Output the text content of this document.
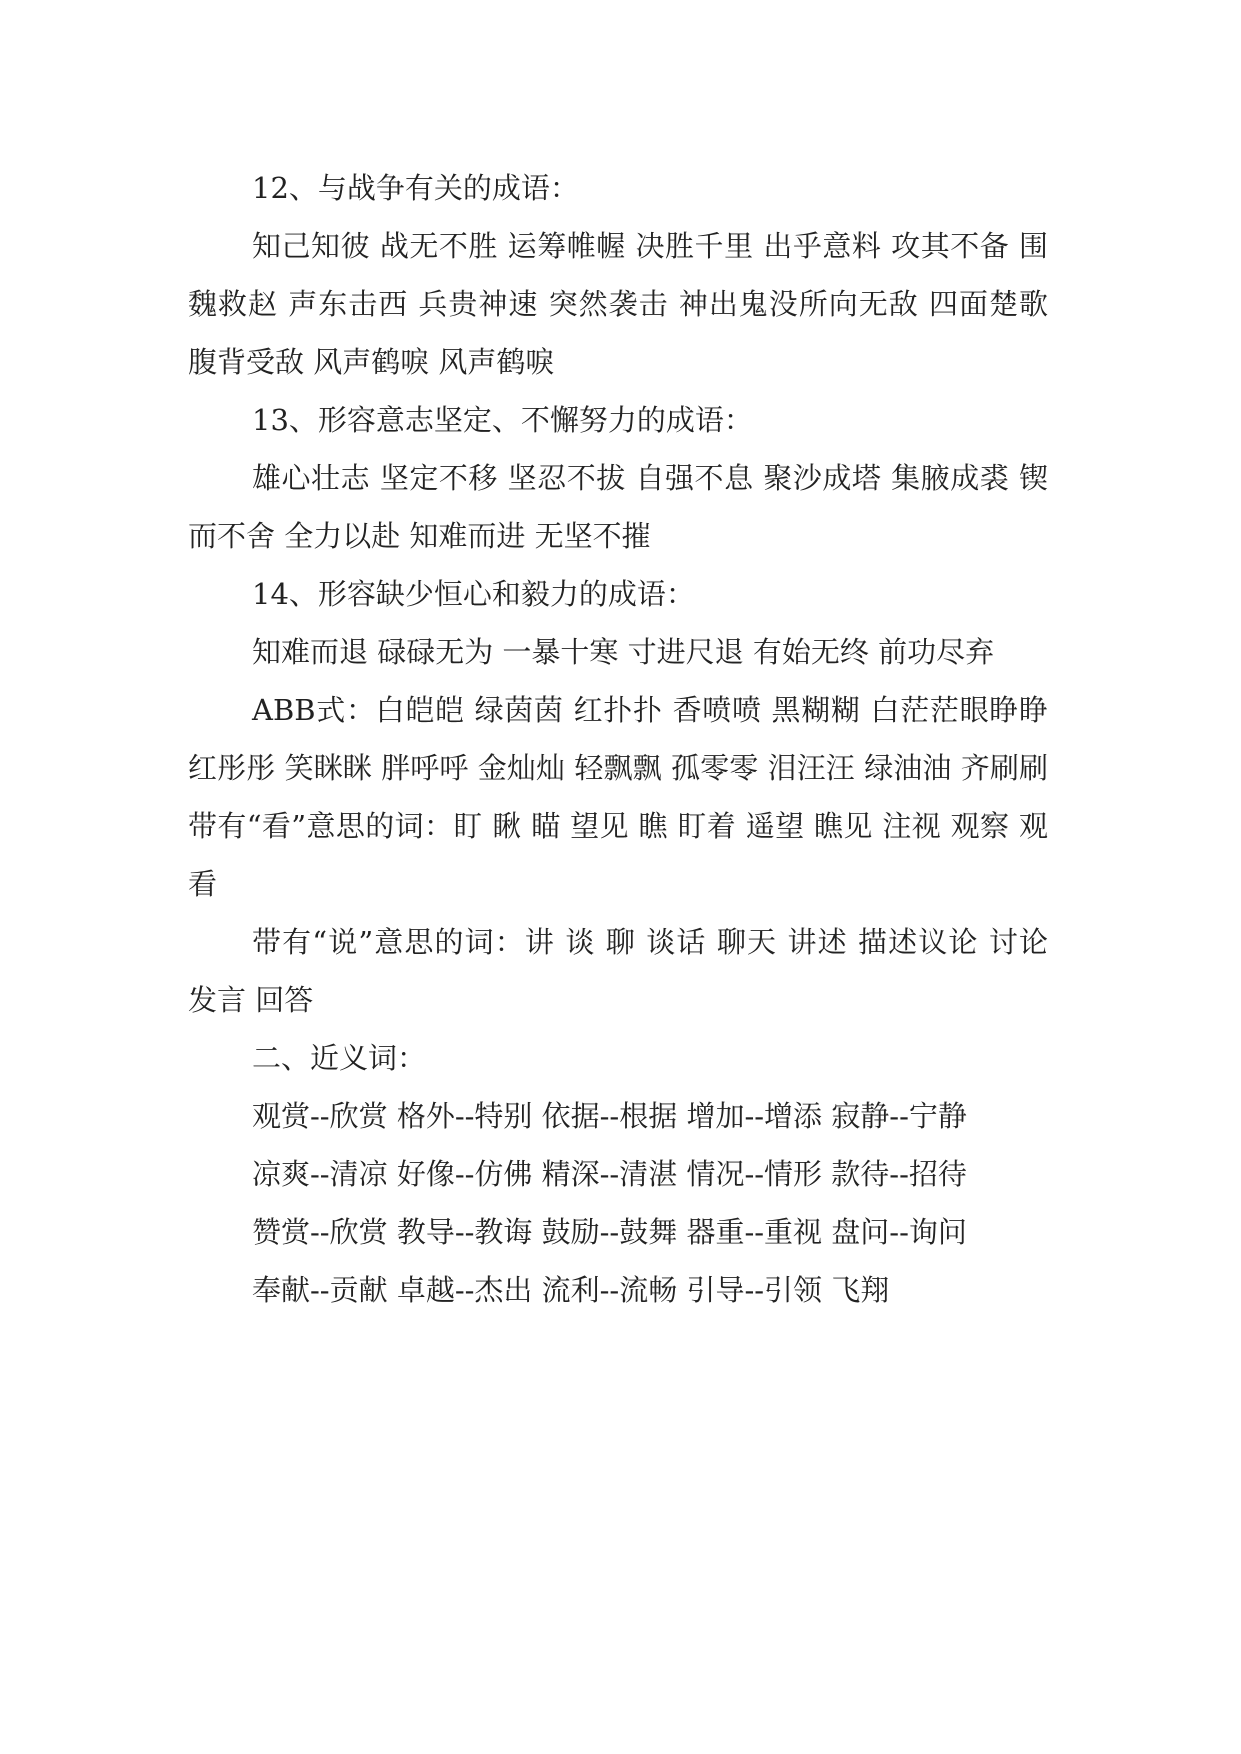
12、与战争有关的成语：

知己知彼 战无不胜 运筹帷幄 决胜千里 出乎意料 攻其不备 围魏救赵 声东击西 兵贵神速 突然袭击 神出鬼没所向无敌 四面楚歌 腹背受敌 风声鹤唳 风声鹤唳

13、形容意志坚定、不懈努力的成语：

雄心壮志 坚定不移 坚忍不拔 自强不息 聚沙成塔 集腋成裘 锲而不舍 全力以赴 知难而进 无坚不摧

14、形容缺少恒心和毅力的成语：

知难而退 碌碌无为 一暴十寒 寸进尺退 有始无终 前功尽弃

ABB式：白皑皑 绿茵茵 红扑扑 香喷喷 黑糊糊 白茫茫眼睁睁 红彤彤 笑眯眯 胖呼呼 金灿灿 轻飘飘 孤零零 泪汪汪 绿油油 齐刷刷 带有“看”意思的词：盯 瞅 瞄 望见 瞧 盯着 遥望 瞧见 注视 观察 观看

带有“说”意思的词：讲 谈 聊 谈话 聊天 讲述 描述议论 讨论 发言 回答

二、近义词：

观赏--欣赏 格外--特别 依据--根据 增加--增添 寂静--宁静

凉爽--清凉 好像--仿佛 精深--清湛 情况--情形 款待--招待

赞赏--欣赏 教导--教诲 鼓励--鼓舞 器重--重视 盘问--询问

奉献--贡献 卓越--杰出 流利--流畅 引导--引领 飞翔
